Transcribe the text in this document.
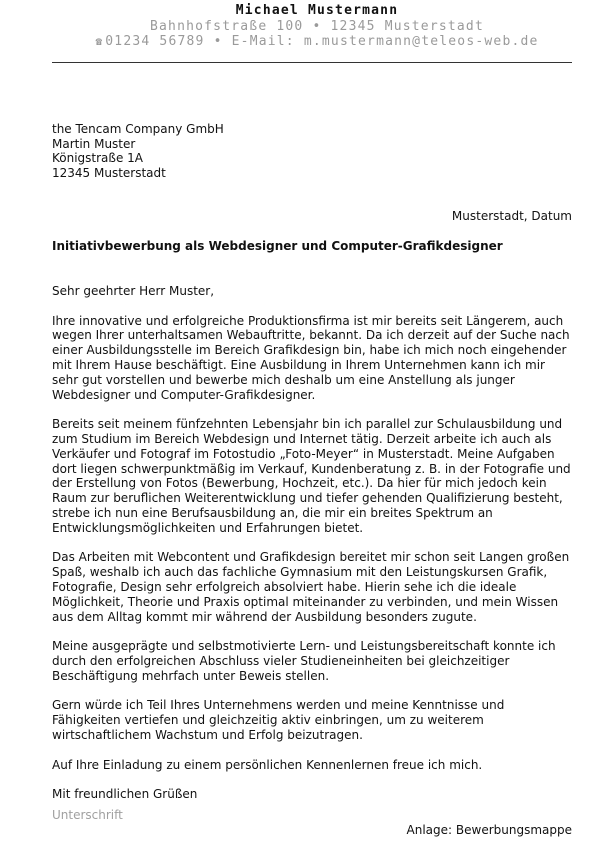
Michael Mustermann
Bahnhofstraße 100 • 12345 Musterstadt
☎ 01234 56789 • E-Mail: m.mustermann@teleos-web.de
the Tencam Company GmbH
Martin Muster
Königstraße 1A
12345 Musterstadt
Musterstadt, Datum
Initiativbewerbung als Webdesigner und Computer-Grafikdesigner

Sehr geehrter Herr Muster,

Ihre innovative und erfolgreiche Produktionsfirma ist mir bereits seit Längerem, auch wegen Ihrer unterhaltsamen Webauftritte, bekannt. Da ich derzeit auf der Suche nach einer Ausbildungsstelle im Bereich Grafikdesign bin, habe ich mich noch eingehender mit Ihrem Hause beschäftigt. Eine Ausbildung in Ihrem Unternehmen kann ich mir sehr gut vorstellen und bewerbe mich deshalb um eine Anstellung als junger Webdesigner und Computer-Grafikdesigner.

Bereits seit meinem fünfzehnten Lebensjahr bin ich parallel zur Schulausbildung und zum Studium im Bereich Webdesign und Internet tätig. Derzeit arbeite ich auch als Verkäufer und Fotograf im Fotostudio „Foto-Meyer“ in Musterstadt. Meine Aufgaben dort liegen schwerpunktmäßig im Verkauf, Kundenberatung z. B. in der Fotografie und der Erstellung von Fotos (Bewerbung, Hochzeit, etc.). Da hier für mich jedoch kein Raum zur beruflichen Weiterentwicklung und tiefer gehenden Qualifizierung besteht, strebe ich nun eine Berufsausbildung an, die mir ein breites Spektrum an Entwicklungsmöglichkeiten und Erfahrungen bietet.

Das Arbeiten mit Webcontent und Grafikdesign bereitet mir schon seit Langen großen Spaß, weshalb ich auch das fachliche Gymnasium mit den Leistungskursen Grafik, Fotografie, Design sehr erfolgreich absolviert habe. Hierin sehe ich die ideale Möglichkeit, Theorie und Praxis optimal miteinander zu verbinden, und mein Wissen aus dem Alltag kommt mir während der Ausbildung besonders zugute.

Meine ausgeprägte und selbstmotivierte Lern- und Leistungsbereitschaft konnte ich durch den erfolgreichen Abschluss vieler Studieneinheiten bei gleichzeitiger Beschäftigung mehrfach unter Beweis stellen.

Gern würde ich Teil Ihres Unternehmens werden und meine Kenntnisse und Fähigkeiten vertiefen und gleichzeitig aktiv einbringen, um zu weiterem wirtschaftlichem Wachstum und Erfolg beizutragen.

Auf Ihre Einladung zu einem persönlichen Kennenlernen freue ich mich.

Mit freundlichen Grüßen

Unterschrift
Anlage: Bewerbungsmappe
